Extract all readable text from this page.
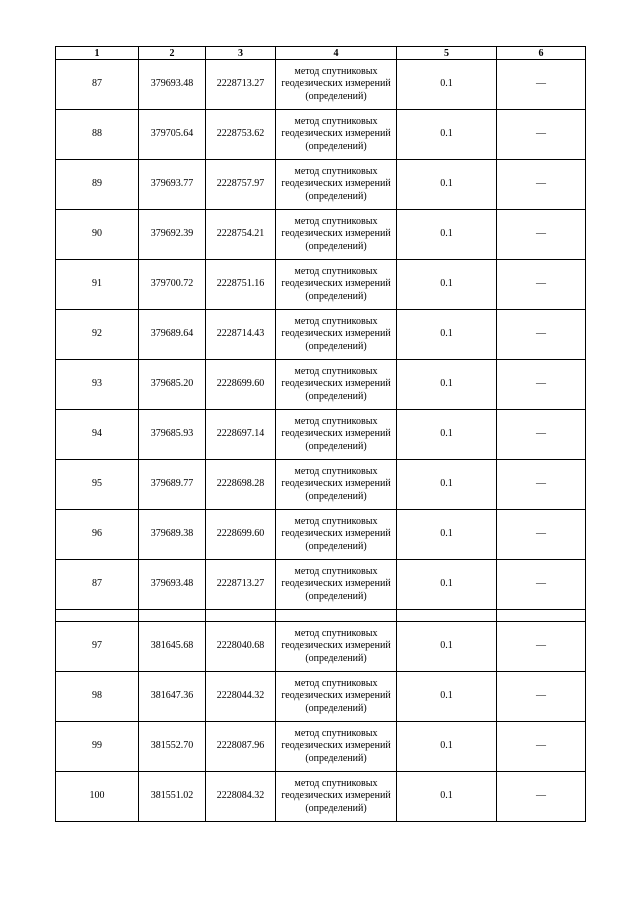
1	2	3	4	5	6
87	379693.48	2228713.27	метод спутниковых геодезических измерений (определений)	0.1	—
88	379705.64	2228753.62	метод спутниковых геодезических измерений (определений)	0.1	—
89	379693.77	2228757.97	метод спутниковых геодезических измерений (определений)	0.1	—
90	379692.39	2228754.21	метод спутниковых геодезических измерений (определений)	0.1	—
91	379700.72	2228751.16	метод спутниковых геодезических измерений (определений)	0.1	—
92	379689.64	2228714.43	метод спутниковых геодезических измерений (определений)	0.1	—
93	379685.20	2228699.60	метод спутниковых геодезических измерений (определений)	0.1	—
94	379685.93	2228697.14	метод спутниковых геодезических измерений (определений)	0.1	—
95	379689.77	2228698.28	метод спутниковых геодезических измерений (определений)	0.1	—
96	379689.38	2228699.60	метод спутниковых геодезических измерений (определений)	0.1	—
87	379693.48	2228713.27	метод спутниковых геодезических измерений (определений)	0.1	—

97	381645.68	2228040.68	метод спутниковых геодезических измерений (определений)	0.1	—
98	381647.36	2228044.32	метод спутниковых геодезических измерений (определений)	0.1	—
99	381552.70	2228087.96	метод спутниковых геодезических измерений (определений)	0.1	—
100	381551.02	2228084.32	метод спутниковых геодезических измерений (определений)	0.1	—
